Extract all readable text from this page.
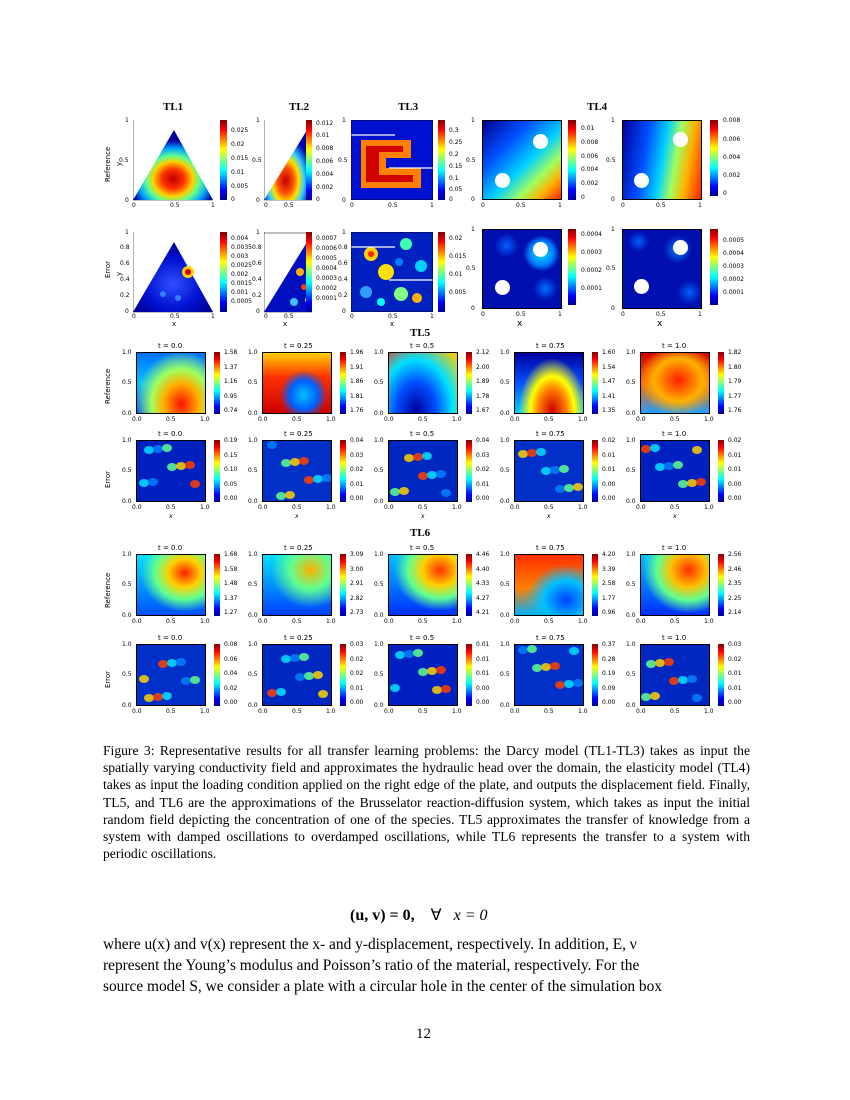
TL1	TL2	TL3	TL4
Reference
Error
1
0.5
0
0	0.5	1
y
0.025
0.02
0.015
0.01
0.005
0
1
0.8
0.6
0.4
0.2
0
0	0.5	1
x
y
0.004
0.0035
0.003
0.0025
0.002
0.0015
0.001
0.0005
1
0.5
0
0	0.5
0.012
0.01
0.008
0.006
0.004
0.002
0
1
0.8
0.6
0.4
0.2
0
0	0.5
x
0.0007
0.0006
0.0005
0.0004
0.0003
0.0002
0.0001
1
0.5
0
0	0.5	1
0.3
0.25
0.2
0.15
0.1
0.05
0
1
0.8
0.6
0.4
0.2
0
0	0.5	1
x
0.02
0.015
0.01
0.005
1
0.5
0
0	0.5	1
0.01
0.008
0.006
0.004
0.002
0
1
0.5
0
0	0.5	1
0.008
0.006
0.004
0.002
0
1
0.5
0
0	0.5	1
x
0.0004
0.0003
0.0002
0.0001
1
0.5
0
0	0.5	1
x
0.0005
0.0004
0.0003
0.0002
0.0001
TL5
TL6
Reference
Error
Reference
Error
t = 0.0
1.0
0.5
0.0
0.0	0.5	1.0
1.58
1.37
1.16
0.95
0.74
t = 0.25
1.0
0.5
0.0
0.0	0.5	1.0
1.96
1.91
1.86
1.81
1.76
t = 0.5
1.0
0.5
0.0
0.0	0.5	1.0
2.12
2.00
1.89
1.78
1.67
t = 0.75
1.0
0.5
0.0
0.0	0.5	1.0
1.60
1.54
1.47
1.41
1.35
t = 1.0
1.0
0.5
0.0
0.0	0.5	1.0
1.82
1.80
1.79
1.77
1.76
t = 0.0
1.0
0.5
0.0
0.0	0.5	1.0
x
0.19
0.15
0.10
0.05
0.00
t = 0.25
1.0
0.5
0.0
0.0	0.5	1.0
x
0.04
0.03
0.02
0.01
0.00
t = 0.5
1.0
0.5
0.0
0.0	0.5	1.0
x
0.04
0.03
0.02
0.01
0.00
t = 0.75
1.0
0.5
0.0
0.0	0.5	1.0
x
0.02
0.01
0.01
0.00
0.00
t = 1.0
1.0
0.5
0.0
0.0	0.5	1.0
x
0.02
0.01
0.01
0.00
0.00
t = 0.0
1.0
0.5
0.0
0.0	0.5	1.0
1.68
1.58
1.48
1.37
1.27
t = 0.25
1.0
0.5
0.0
0.0	0.5	1.0
3.09
3.00
2.91
2.82
2.73
t = 0.5
1.0
0.5
0.0
0.0	0.5	1.0
4.46
4.40
4.33
4.27
4.21
t = 0.75
1.0
0.5
0.0
0.0	0.5	1.0
4.20
3.39
2.58
1.77
0.96
t = 1.0
1.0
0.5
0.0
0.0	0.5	1.0
2.56
2.46
2.35
2.25
2.14
t = 0.0
1.0
0.5
0.0
0.0	0.5	1.0
0.08
0.06
0.04
0.02
0.00
t = 0.25
1.0
0.5
0.0
0.0	0.5	1.0
0.03
0.02
0.02
0.01
0.00
t = 0.5
1.0
0.5
0.0
0.0	0.5	1.0
0.01
0.01
0.01
0.00
0.00
t = 0.75
1.0
0.5
0.0
0.0	0.5	1.0
0.37
0.28
0.19
0.09
0.00
t = 1.0
1.0
0.5
0.0
0.0	0.5	1.0
0.03
0.02
0.01
0.01
0.00
Figure 3: Representative results for all transfer learning problems: the Darcy model (TL1-TL3) takes as input the spatially varying conductivity field and approximates the hydraulic head over the domain, the elasticity model (TL4) takes as input the loading condition applied on the right edge of the plate, and outputs the displacement field. Finally, TL5, and TL6 are the approximations of the Brusselator reaction-diffusion system, which takes as input the initial random field depicting the concentration of one of the species. TL5 approximates the transfer of knowledge from a system with damped oscillations to overdamped oscillations, while TL6 represents the transfer to a system with periodic oscillations.
(u, v) = 0, ∀ x = 0
where u(x) and v(x) represent the x- and y-displacement, respectively. In addition, E, ν
represent the Young’s modulus and Poisson’s ratio of the material, respectively. For the
source model S, we consider a plate with a circular hole in the center of the simulation box
12
